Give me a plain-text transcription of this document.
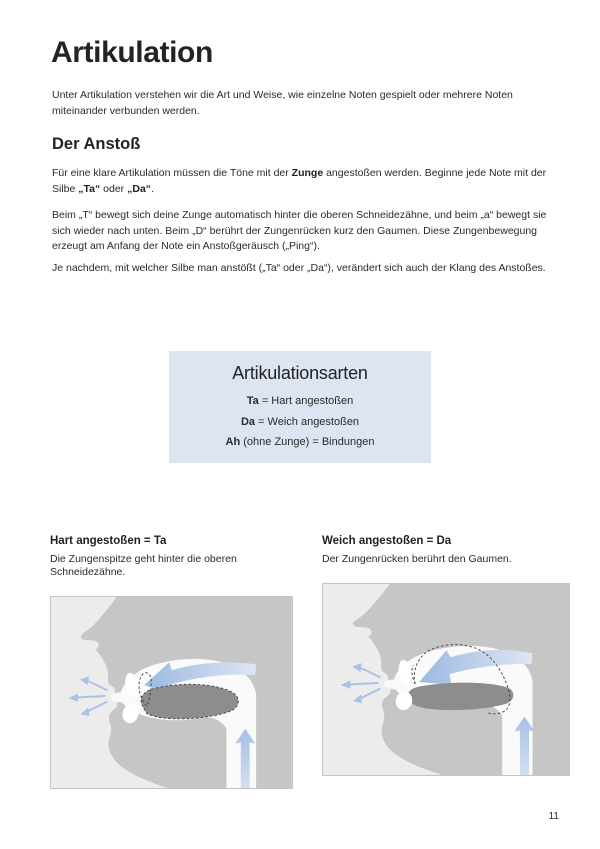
Artikulation

Unter Artikulation verstehen wir die Art und Weise, wie einzelne Noten gespielt oder mehrere Noten miteinander verbunden werden.

Der Anstoß

Für eine klare Artikulation müssen die Töne mit der Zunge angestoßen werden. Beginne jede Note mit der Silbe „Ta“ oder „Da“.

Beim „T“ bewegt sich deine Zunge automatisch hinter die oberen Schneidezähne, und beim „a“ bewegt sie sich wieder nach unten. Beim „D“ berührt der Zungenrücken kurz den Gaumen. Diese Zungenbewegung erzeugt am Anfang der Note ein Anstoßgeräusch („Ping“).

Je nachdem, mit welcher Silbe man anstößt („Ta“ oder „Da“), verändert sich auch der Klang des Anstoßes.

Artikulationsarten
Ta = Hart angestoßen
Da = Weich angestoßen
Ah (ohne Zunge) = Bindungen

Hart angestoßen = Ta

Die Zungenspitze geht hinter die oberen Schneidezähne.

Weich angestoßen = Da

Der Zungenrücken berührt den Gaumen.

11
